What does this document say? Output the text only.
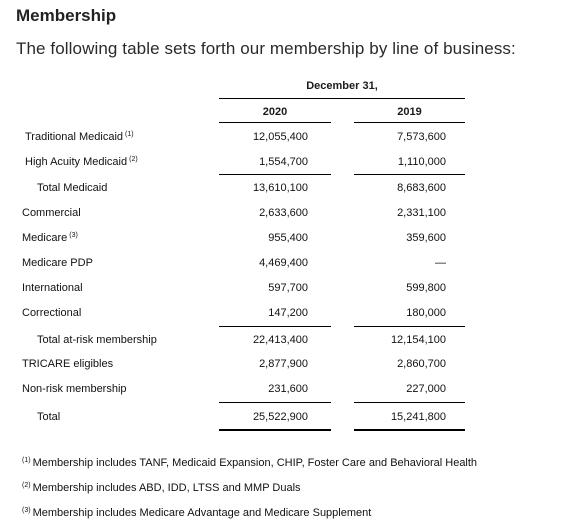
Membership
The following table sets forth our membership by line of business:
December 31,
2020	2019
Traditional Medicaid $^{(1)}$	12,055,400	7,573,600
High Acuity Medicaid $^{(2)}$	1,554,700	1,110,000
Total Medicaid	13,610,100	8,683,600
Commercial	2,633,600	2,331,100
Medicare $^{(3)}$	955,400	359,600
Medicare PDP	4,469,400	—
International	597,700	599,800
Correctional	147,200	180,000
Total at-risk membership	22,413,400	12,154,100
TRICARE eligibles	2,877,900	2,860,700
Non-risk membership	231,600	227,000
Total	25,522,900	15,241,800
$^{(1)}$ Membership includes TANF, Medicaid Expansion, CHIP, Foster Care and Behavioral Health
$^{(2)}$ Membership includes ABD, IDD, LTSS and MMP Duals
$^{(3)}$ Membership includes Medicare Advantage and Medicare Supplement
